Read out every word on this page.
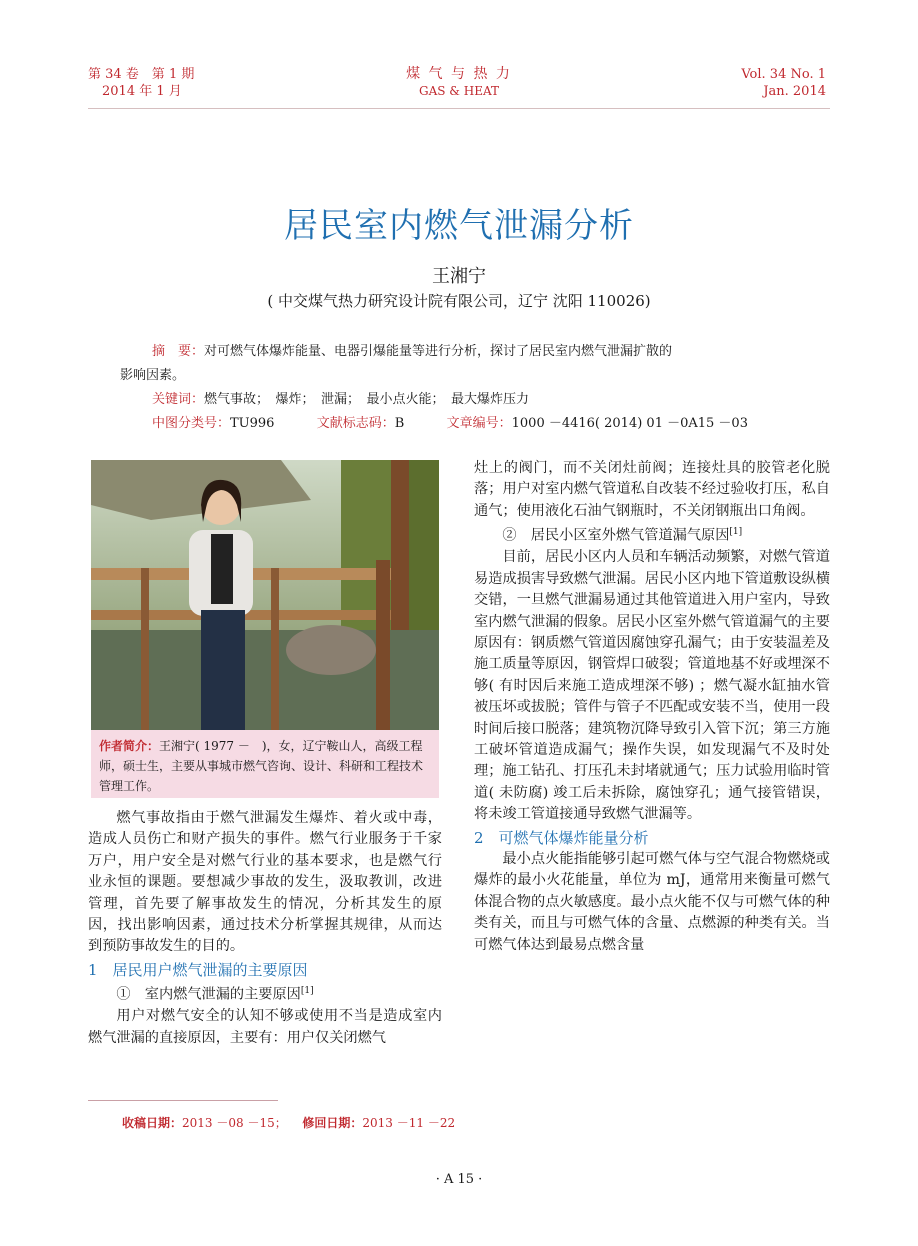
第 34 卷　第 1 期
2014 年 1 月
煤 气 与 热 力
GAS & HEAT
Vol. 34 No. 1
Jan. 2014
居民室内燃气泄漏分析
王湘宁
( 中交煤气热力研究设计院有限公司，辽宁 沈阳 110026)
摘　要：对可燃气体爆炸能量、电器引爆能量等进行分析，探讨了居民室内燃气泄漏扩散的
影响因素。
关键词：燃气事故；　爆炸；　泄漏；　最小点火能；　最大爆炸压力
中图分类号：TU996	文献标志码：B	文章编号：1000 －4416( 2014) 01 －0A15 －03
作者简介：王湘宁( 1977 －　)，女，辽宁鞍山人，高级工程师，硕士生，主要从事城市燃气咨询、设计、科研和工程技术管理工作。

燃气事故指由于燃气泄漏发生爆炸、着火或中毒，造成人员伤亡和财产损失的事件。燃气行业服务于千家万户，用户安全是对燃气行业的基本要求，也是燃气行业永恒的课题。要想减少事故的发生，汲取教训，改进管理，首先要了解事故发生的情况，分析其发生的原因，找出影响因素，通过技术分析掌握其规律，从而达到预防事故发生的目的。

1　居民用户燃气泄漏的主要原因

①　室内燃气泄漏的主要原因[1]

用户对燃气安全的认知不够或使用不当是造成室内燃气泄漏的直接原因，主要有：用户仅关闭燃气

灶上的阀门，而不关闭灶前阀；连接灶具的胶管老化脱落；用户对室内燃气管道私自改装不经过验收打压，私自通气；使用液化石油气钢瓶时，不关闭钢瓶出口角阀。

②　居民小区室外燃气管道漏气原因[1]

目前，居民小区内人员和车辆活动频繁，对燃气管道易造成损害导致燃气泄漏。居民小区内地下管道敷设纵横交错，一旦燃气泄漏易通过其他管道进入用户室内，导致室内燃气泄漏的假象。居民小区室外燃气管道漏气的主要原因有：钢质燃气管道因腐蚀穿孔漏气；由于安装温差及施工质量等原因，钢管焊口破裂；管道地基不好或埋深不够( 有时因后来施工造成埋深不够) ；燃气凝水缸抽水管被压坏或拔脱；管件与管子不匹配或安装不当，使用一段时间后接口脱落；建筑物沉降导致引入管下沉；第三方施工破坏管道造成漏气；操作失误，如发现漏气不及时处理；施工钻孔、打压孔未封堵就通气；压力试验用临时管道( 未防腐) 竣工后未拆除，腐蚀穿孔；通气接管错误，将未竣工管道接通导致燃气泄漏等。

2　可燃气体爆炸能量分析

最小点火能指能够引起可燃气体与空气混合物燃烧或爆炸的最小火花能量，单位为 mJ，通常用来衡量可燃气体混合物的点火敏感度。最小点火能不仅与可燃气体的种类有关，而且与可燃气体的含量、点燃源的种类有关。当可燃气体达到最易点燃含量

收稿日期：2013 －08 －15； 修回日期：2013 －11 －22
· A 15 ·
